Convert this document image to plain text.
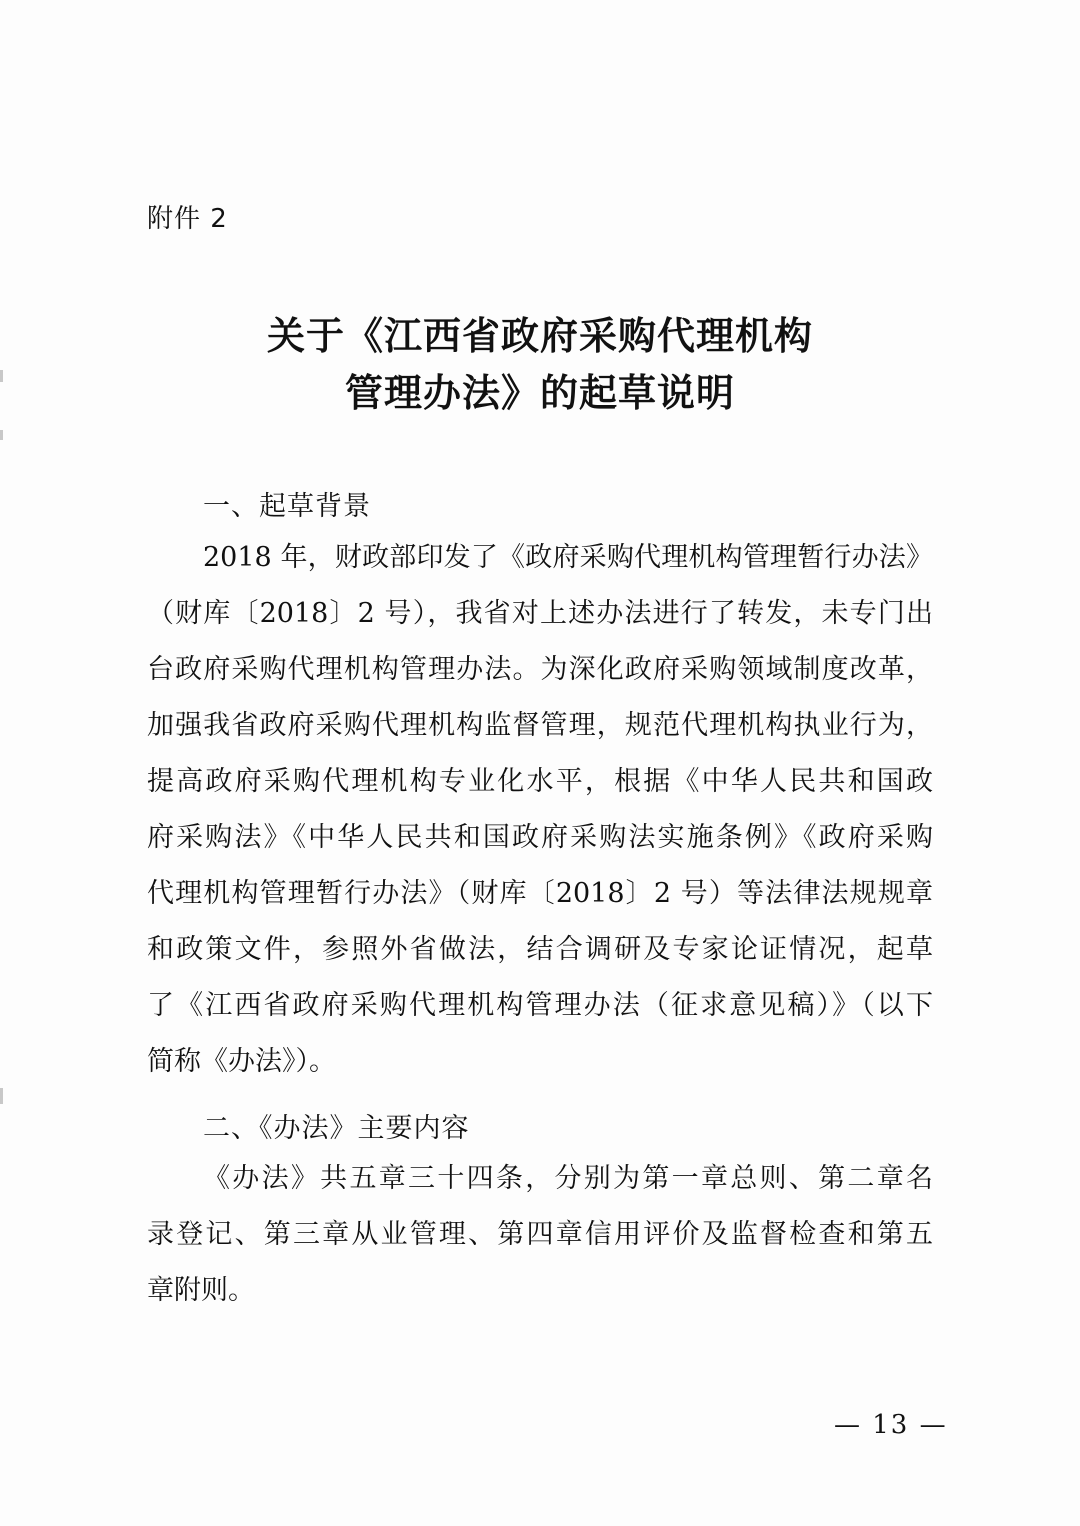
附件 2
关于《江西省政府采购代理机构
管理办法》的起草说明
一、起草背景
2018 年，财政部印发了《政府采购代理机构管理暂行办法》
（财库〔2018〕2 号），我省对上述办法进行了转发，未专门出
台政府采购代理机构管理办法。为深化政府采购领域制度改革，
加强我省政府采购代理机构监督管理，规范代理机构执业行为，
提高政府采购代理机构专业化水平，根据《中华人民共和国政
府采购法》《中华人民共和国政府采购法实施条例》《政府采购
代理机构管理暂行办法》（财库〔2018〕2 号）等法律法规规章
和政策文件，参照外省做法，结合调研及专家论证情况，起草
了《江西省政府采购代理机构管理办法（征求意见稿）》（以下
简称《办法》）。
二、《办法》主要内容
《办法》共五章三十四条，分别为第一章总则、第二章名
录登记、第三章从业管理、第四章信用评价及监督检查和第五
章附则。
— 13 —
